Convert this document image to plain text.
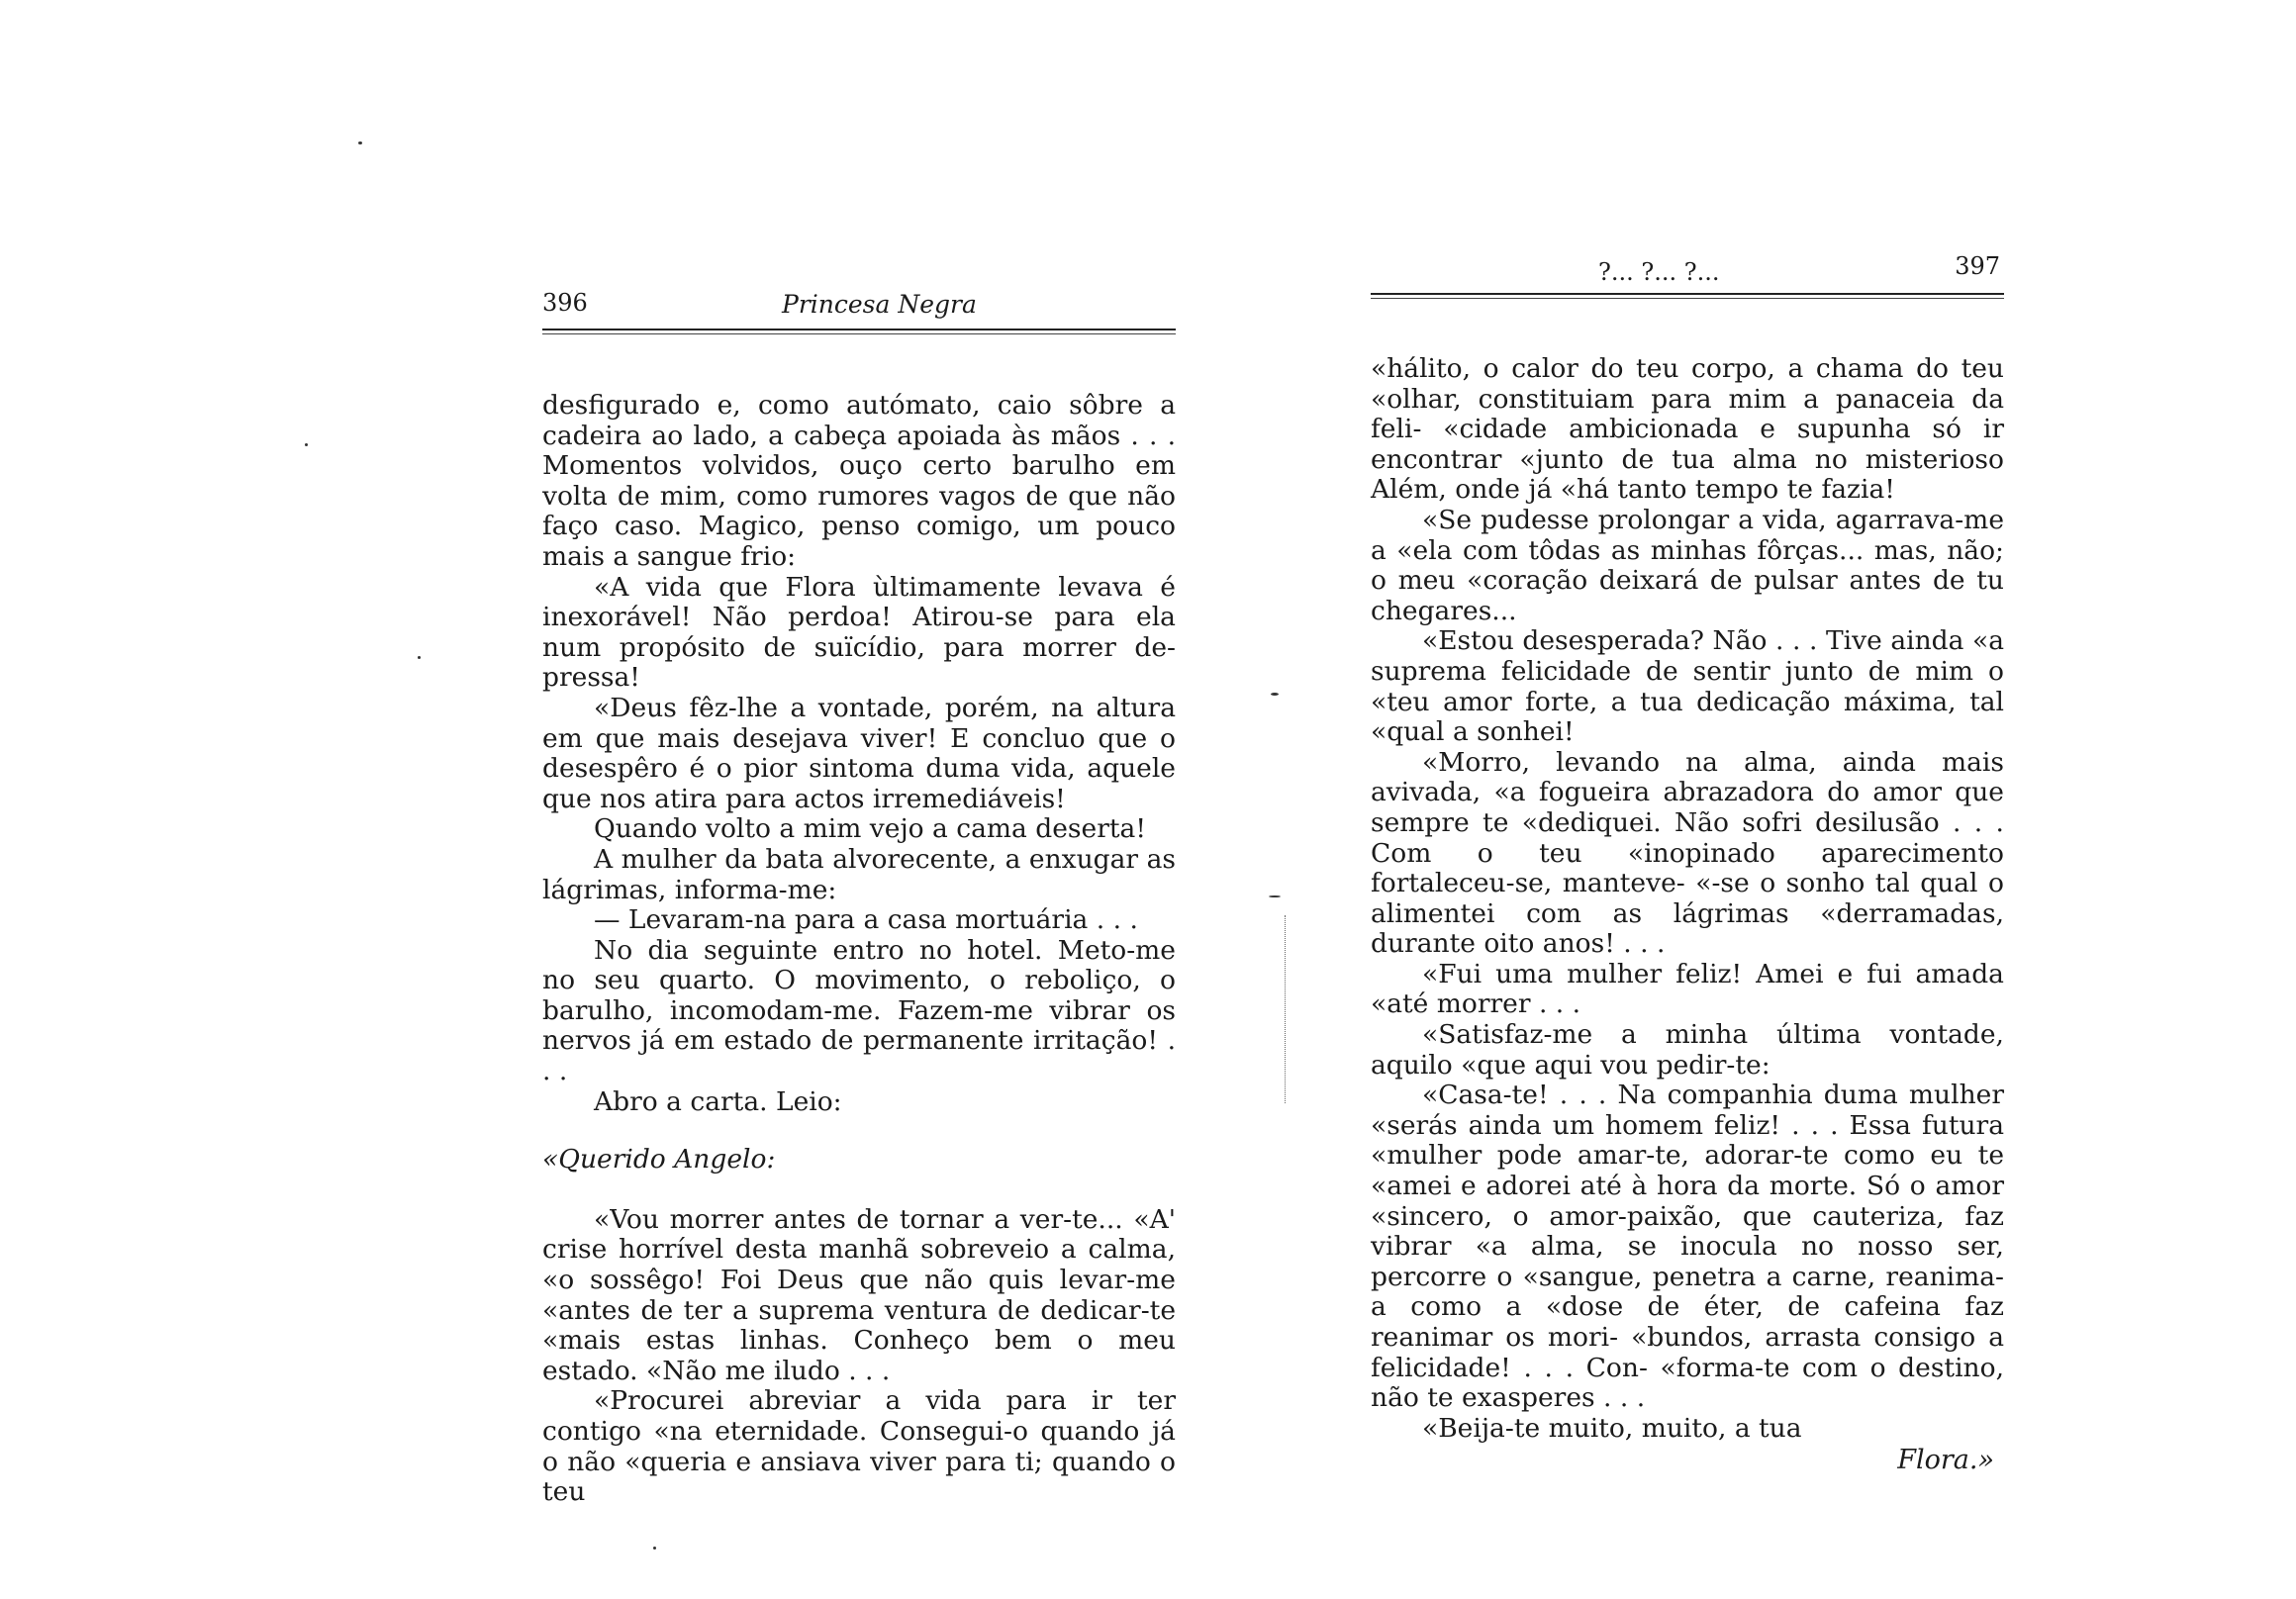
396	Princesa Negra

desfigurado e, como autómato, caio sôbre a cadeira ao lado, a cabeça apoiada às mãos . . . Momentos volvidos, ouço certo barulho em volta de mim, como rumores vagos de que não faço caso. Magico, penso comigo, um pouco mais a sangue frio:

«A vida que Flora ùltimamente levava é inexorável! Não perdoa! Atirou-se para ela num propósito de suïcídio, para morrer de-pressa!

«Deus fêz-lhe a vontade, porém, na altura em que mais desejava viver! E concluo que o desespêro é o pior sintoma duma vida, aquele que nos atira para actos irremediáveis!

Quando volto a mim vejo a cama deserta!

A mulher da bata alvorecente, a enxugar as lágrimas, informa-me:

— Levaram-na para a casa mortuária . . .

No dia seguinte entro no hotel. Meto-me no seu quarto. O movimento, o reboliço, o barulho, incomodam-me. Fazem-me vibrar os nervos já em estado de permanente irritação! . . .

Abro a carta. Leio:

«Querido Angelo:

«Vou morrer antes de tornar a ver-te... «A' crise horrível desta manhã sobreveio a calma, «o sossêgo! Foi Deus que não quis levar-me «antes de ter a suprema ventura de dedicar-te «mais estas linhas. Conheço bem o meu estado. «Não me iludo . . .

«Procurei abreviar a vida para ir ter contigo «na eternidade. Consegui-o quando já o não «queria e ansiava viver para ti; quando o teu

?... ?... ?...	397

«hálito, o calor do teu corpo, a chama do teu «olhar, constituiam para mim a panaceia da feli- «cidade ambicionada e supunha só ir encontrar «junto de tua alma no misterioso Além, onde já «há tanto tempo te fazia!

«Se pudesse prolongar a vida, agarrava-me a «ela com tôdas as minhas fôrças... mas, não; o meu «coração deixará de pulsar antes de tu chegares...

«Estou desesperada? Não . . . Tive ainda «a suprema felicidade de sentir junto de mim o «teu amor forte, a tua dedicação máxima, tal «qual a sonhei!

«Morro, levando na alma, ainda mais avivada, «a fogueira abrazadora do amor que sempre te «dediquei. Não sofri desilusão . . . Com o teu «inopinado aparecimento fortaleceu-se, manteve- «-se o sonho tal qual o alimentei com as lágrimas «derramadas, durante oito anos! . . .

«Fui uma mulher feliz! Amei e fui amada «até morrer . . .

«Satisfaz-me a minha última vontade, aquilo «que aqui vou pedir-te:

«Casa-te! . . . Na companhia duma mulher «serás ainda um homem feliz! . . . Essa futura «mulher pode amar-te, adorar-te como eu te «amei e adorei até à hora da morte. Só o amor «sincero, o amor-paixão, que cauteriza, faz vibrar «a alma, se inocula no nosso ser, percorre o «sangue, penetra a carne, reanima-a como a «dose de éter, de cafeina faz reanimar os mori- «bundos, arrasta consigo a felicidade! . . . Con- «forma-te com o destino, não te exasperes . . .

«Beija-te muito, muito, a tua

Flora.»
